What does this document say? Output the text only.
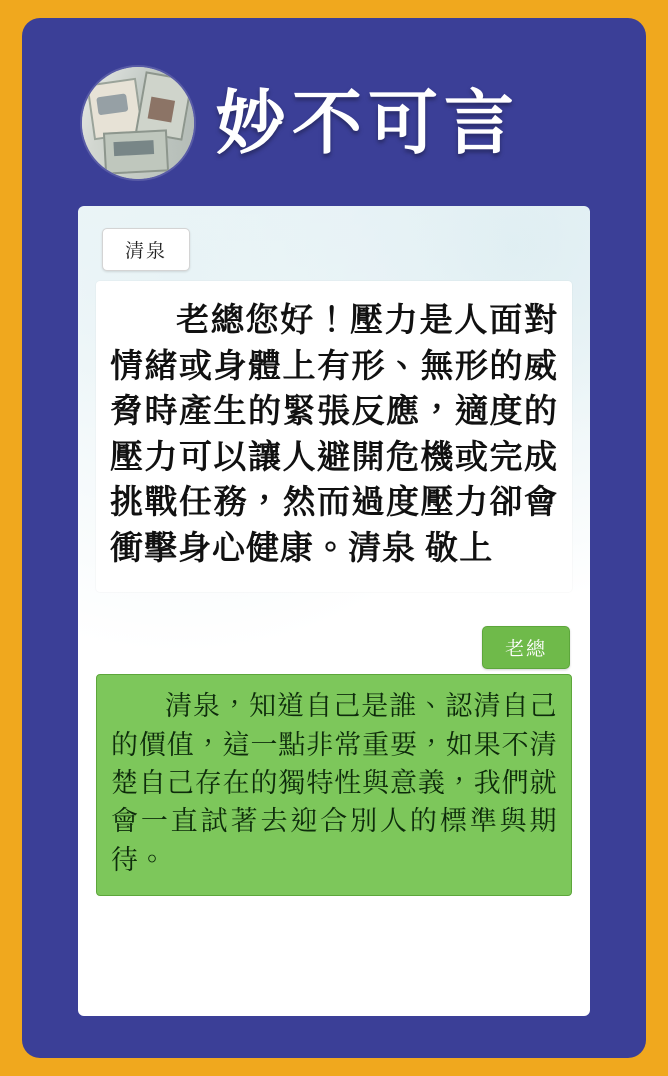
妙不可言
清泉
老總您好！壓力是人面對情緒或身體上有形、無形的威脅時產生的緊張反應，適度的壓力可以讓人避開危機或完成挑戰任務，然而過度壓力卻會衝擊身心健康。清泉 敬上
老總
清泉，知道自己是誰、認清自己的價值，這一點非常重要，如果不清楚自己存在的獨特性與意義，我們就會一直試著去迎合別人的標準與期待。
